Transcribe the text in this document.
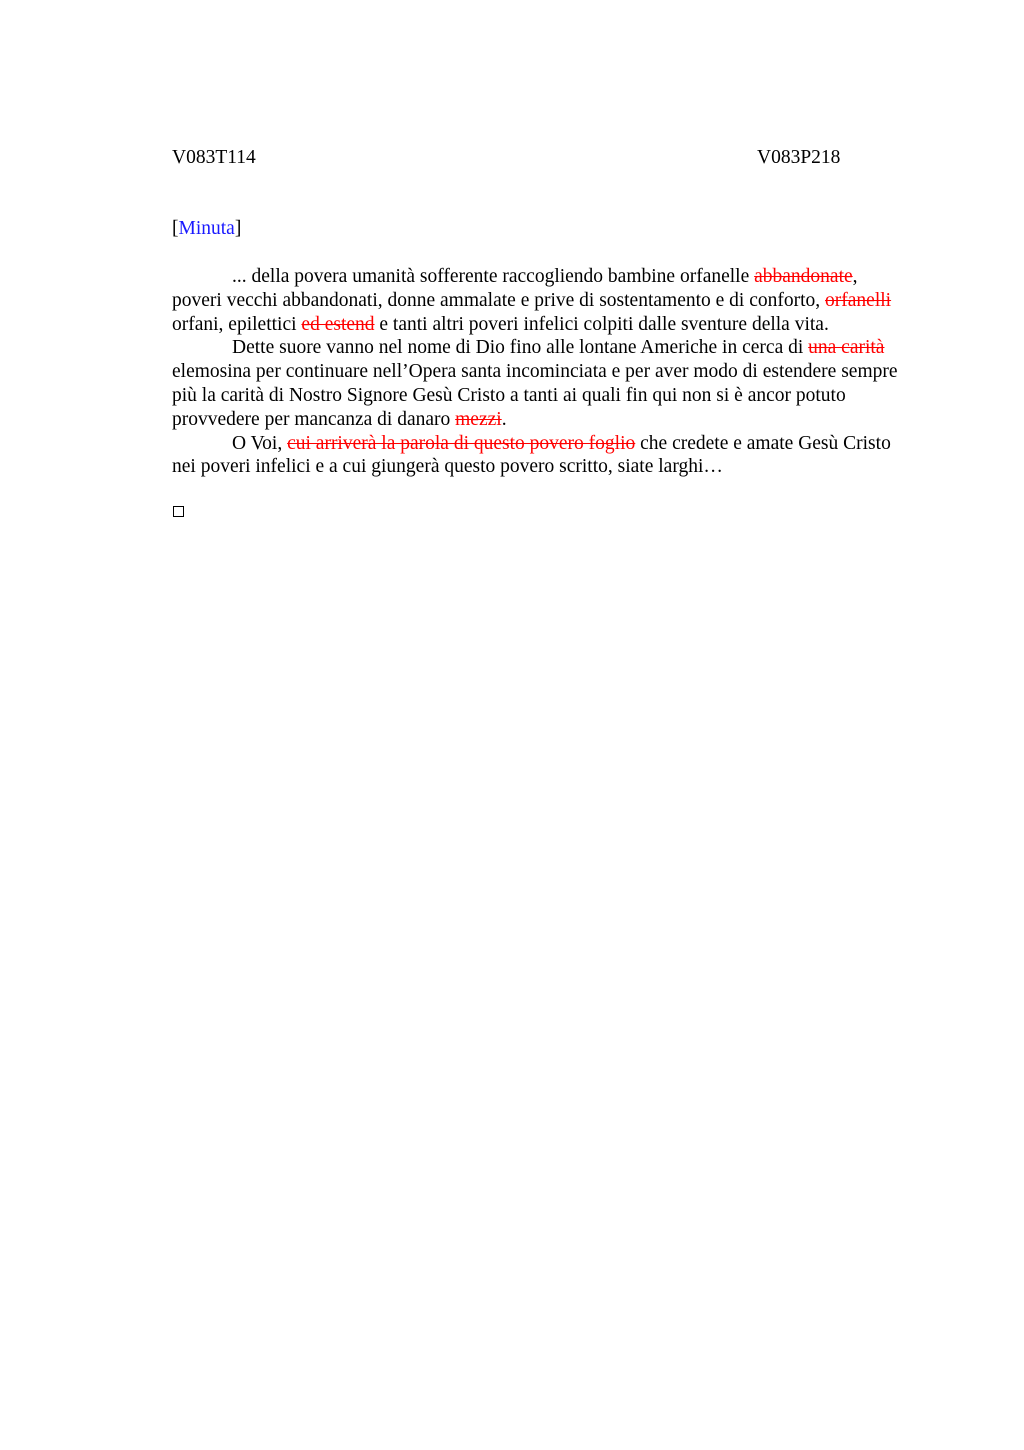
V083T114	V083P218
[Minuta]

... della povera umanità sofferente raccogliendo bambine orfanelle abbandonate, poveri vecchi abbandonati, donne ammalate e prive di sostentamento e di conforto, orfanelli orfani, epilettici ed estend e tanti altri poveri infelici colpiti dalle sventure della vita.

Dette suore vanno nel nome di Dio fino alle lontane Americhe in cerca di una carità elemosina per continuare nell’Opera santa incominciata e per aver modo di estendere sempre più la carità di Nostro Signore Gesù Cristo a tanti ai quali fin qui non si è ancor potuto provvedere per mancanza di danaro mezzi.

O Voi, cui arriverà la parola di questo povero foglio che credete e amate Gesù Cristo nei poveri infelici e a cui giungerà questo povero scritto, siate larghi…
